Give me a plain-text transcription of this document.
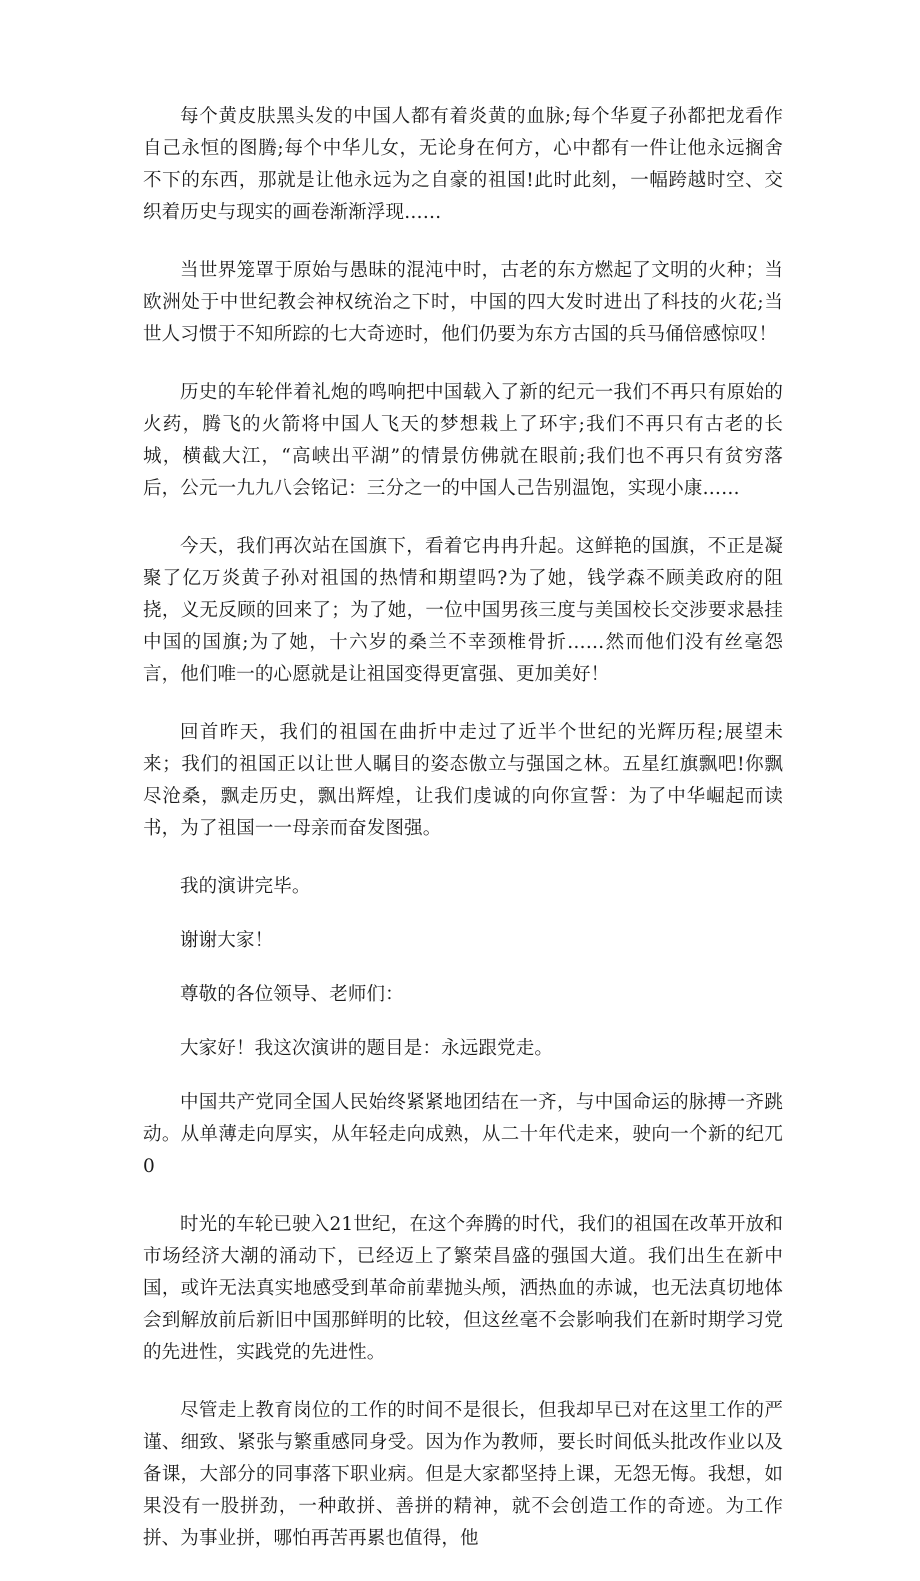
每个黄皮肤黑头发的中国人都有着炎黄的血脉;每个华夏子孙都把龙看作自己永恒的图腾;每个中华儿女，无论身在何方，心中都有一件让他永远搁舍不下的东西，那就是让他永远为之自豪的祖国!此时此刻，一幅跨越时空、交织着历史与现实的画卷渐渐浮现……

当世界笼罩于原始与愚昧的混沌中时，古老的东方燃起了文明的火种；当欧洲处于中世纪教会神权统治之下时，中国的四大发时进出了科技的火花;当世人习惯于不知所踪的七大奇迹时，他们仍要为东方古国的兵马俑倍感惊叹！

历史的车轮伴着礼炮的鸣响把中国载入了新的纪元一我们不再只有原始的火药，腾飞的火箭将中国人飞天的梦想栽上了环宇;我们不再只有古老的长城，横截大江，“高峡出平湖”的情景仿佛就在眼前;我们也不再只有贫穷落后，公元一九九八会铭记：三分之一的中国人己告别温饱，实现小康……

今天，我们再次站在国旗下，看着它冉冉升起。这鲜艳的国旗，不正是凝聚了亿万炎黄子孙对祖国的热情和期望吗?为了她，钱学森不顾美政府的阻挠，义无反顾的回来了；为了她，一位中国男孩三度与美国校长交涉要求悬挂中国的国旗;为了她，十六岁的桑兰不幸颈椎骨折……然而他们没有丝毫怨言，他们唯一的心愿就是让祖国变得更富强、更加美好！

回首昨天，我们的祖国在曲折中走过了近半个世纪的光辉历程;展望未来；我们的祖国正以让世人瞩目的姿态傲立与强国之林。五星红旗飘吧!你飘尽沧桑，飘走历史，飘出辉煌，让我们虔诚的向你宣誓：为了中华崛起而读书，为了祖国一一母亲而奋发图强。

我的演讲完毕。

谢谢大家！

尊敬的各位领导、老师们：

大家好！我这次演讲的题目是：永远跟党走。

中国共产党同全国人民始终紧紧地团结在一齐，与中国命运的脉搏一齐跳动。从单薄走向厚实，从年轻走向成熟，从二十年代走来，驶向一个新的纪兀0

时光的车轮已驶入21世纪，在这个奔腾的时代，我们的祖国在改革开放和市场经济大潮的涌动下，已经迈上了繁荣昌盛的强国大道。我们出生在新中国，或许无法真实地感受到革命前辈抛头颅，洒热血的赤诚，也无法真切地体会到解放前后新旧中国那鲜明的比较，但这丝毫不会影响我们在新时期学习党的先进性，实践党的先进性。

尽管走上教育岗位的工作的时间不是很长，但我却早已对在这里工作的严谨、细致、紧张与繁重感同身受。因为作为教师，要长时间低头批改作业以及备课，大部分的同事落下职业病。但是大家都坚持上课，无怨无悔。我想，如果没有一股拼劲，一种敢拼、善拼的精神，就不会创造工作的奇迹。为工作拼、为事业拼，哪怕再苦再累也值得，他
